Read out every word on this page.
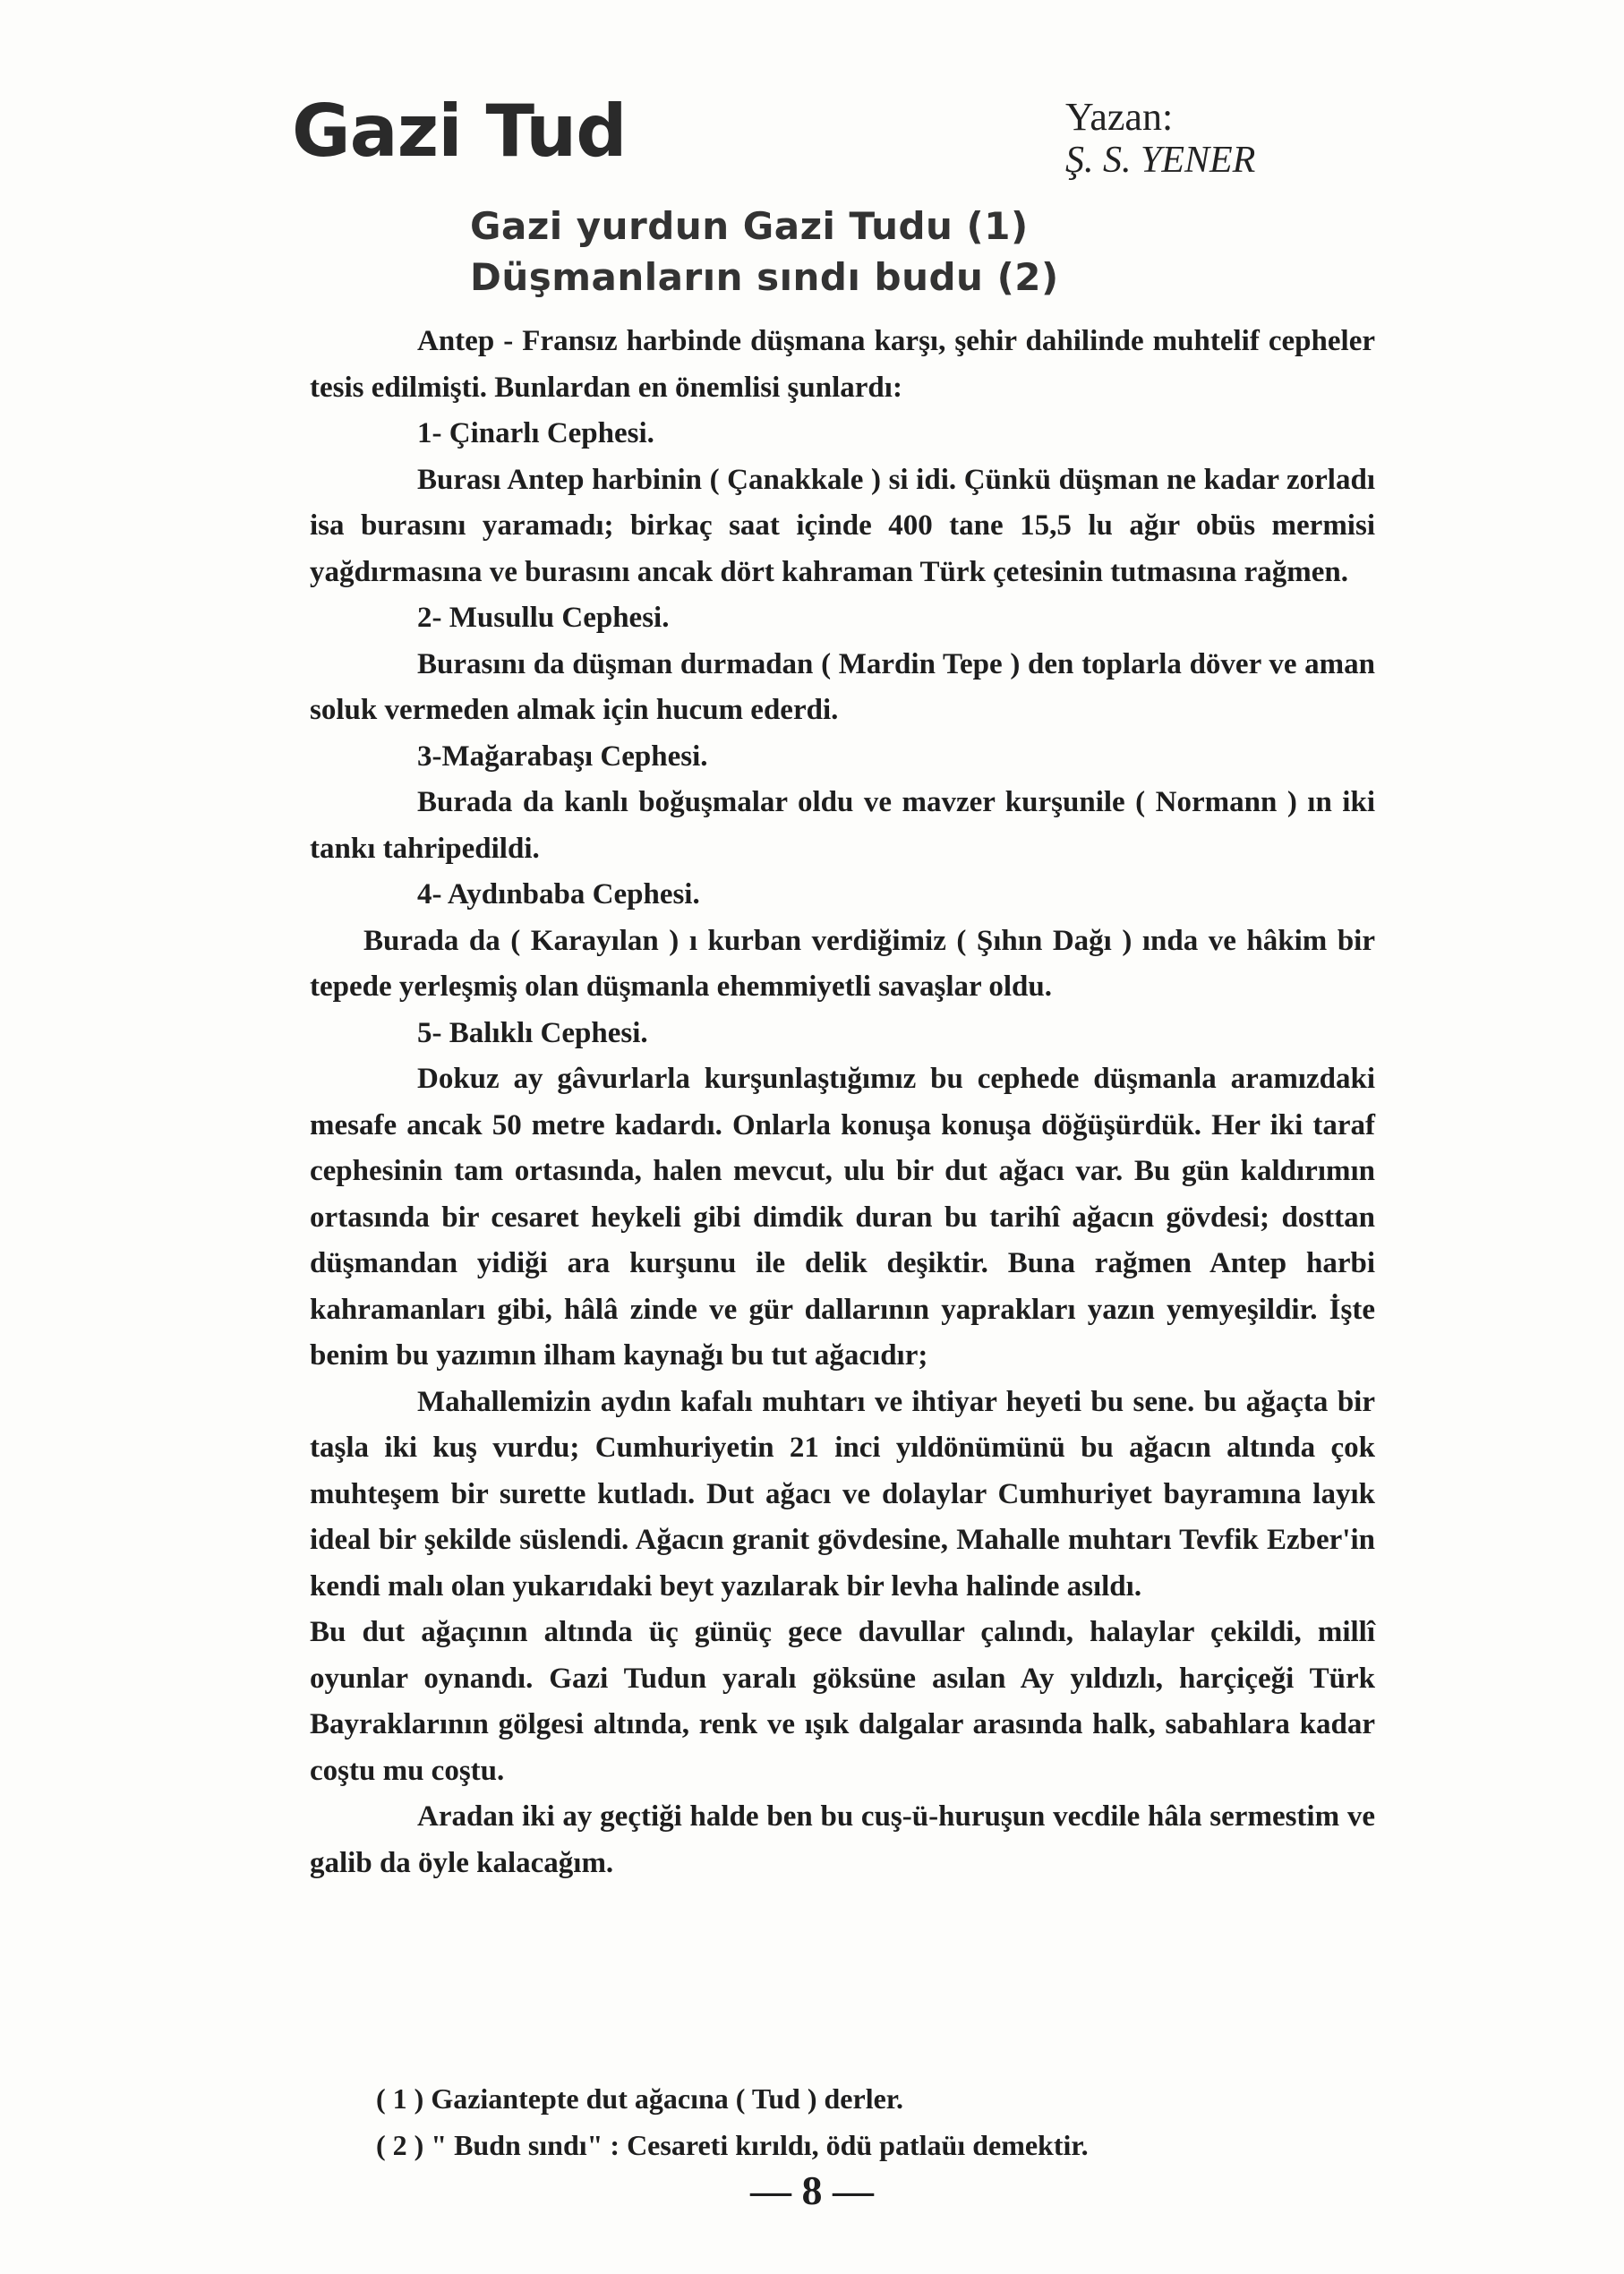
Gazi Tud	Yazan:
Ş. S. YENER
Gazi yurdun Gazi Tudu (1)
Düşmanların sındı budu (2)

Antep - Fransız harbinde düşmana karşı, şehir dahilinde muhtelif cepheler tesis edilmişti. Bunlardan en önemlisi şunlardı:

1- Çinarlı Cephesi.

Burası Antep harbinin ( Çanakkale ) si idi. Çünkü düşman ne kadar zorladı isa burasını yaramadı; birkaç saat içinde 400 tane 15,5 lu ağır obüs mermisi yağdırmasına ve burasını ancak dört kahraman Türk çetesinin tutmasına rağmen.

2- Musullu Cephesi.

Burasını da düşman durmadan ( Mardin Tepe ) den toplarla döver ve aman soluk vermeden almak için hucum ederdi.

3-Mağarabaşı Cephesi.

Burada da kanlı boğuşmalar oldu ve mavzer kurşunile ( Normann ) ın iki tankı tahripedildi.

4- Aydınbaba Cephesi.

Burada da ( Karayılan ) ı kurban verdiğimiz ( Şıhın Dağı ) ında ve hâkim bir tepede yerleşmiş olan düşmanla ehemmiyetli savaşlar oldu.

5- Balıklı Cephesi.

Dokuz ay gâvurlarla kurşunlaştığımız bu cephede düşmanla aramızdaki mesafe ancak 50 metre kadardı. Onlarla konuşa konuşa döğüşürdük. Her iki taraf cephesinin tam ortasında, halen mevcut, ulu bir dut ağacı var. Bu gün kaldırımın ortasında bir cesaret heykeli gibi dimdik duran bu tarihî ağacın gövdesi; dosttan düşmandan yidiği ara kurşunu ile delik deşiktir. Buna rağmen Antep harbi kahramanları gibi, hâlâ zinde ve gür dallarının yaprakları yazın yemyeşildir. İşte benim bu yazımın ilham kaynağı bu tut ağacıdır;

Mahallemizin aydın kafalı muhtarı ve ihtiyar heyeti bu sene. bu ağaçta bir taşla iki kuş vurdu; Cumhuriyetin 21 inci yıldönümünü bu ağacın altında çok muhteşem bir surette kutladı. Dut ağacı ve dolaylar Cumhuriyet bayramına layık ideal bir şekilde süslendi. Ağacın granit gövdesine, Mahalle muhtarı Tevfik Ezber'in kendi malı olan yukarıdaki beyt yazılarak bir levha halinde asıldı.

Bu dut ağaçının altında üç günüç gece davullar çalındı, halaylar çekildi, millî oyunlar oynandı. Gazi Tudun yaralı göksüne asılan Ay yıldızlı, harçiçeği Türk Bayraklarının gölgesi altında, renk ve ışık dalgalar arasında halk, sabahlara kadar coştu mu coştu.

Aradan iki ay geçtiği halde ben bu cuş-ü-huruşun vecdile hâla sermestim ve galib da öyle kalacağım.

( 1 ) Gaziantepte dut ağacına ( Tud ) derler.
( 2 ) " Budn sındı" : Cesareti kırıldı, ödü patlaüı demektir.
— 8 —
